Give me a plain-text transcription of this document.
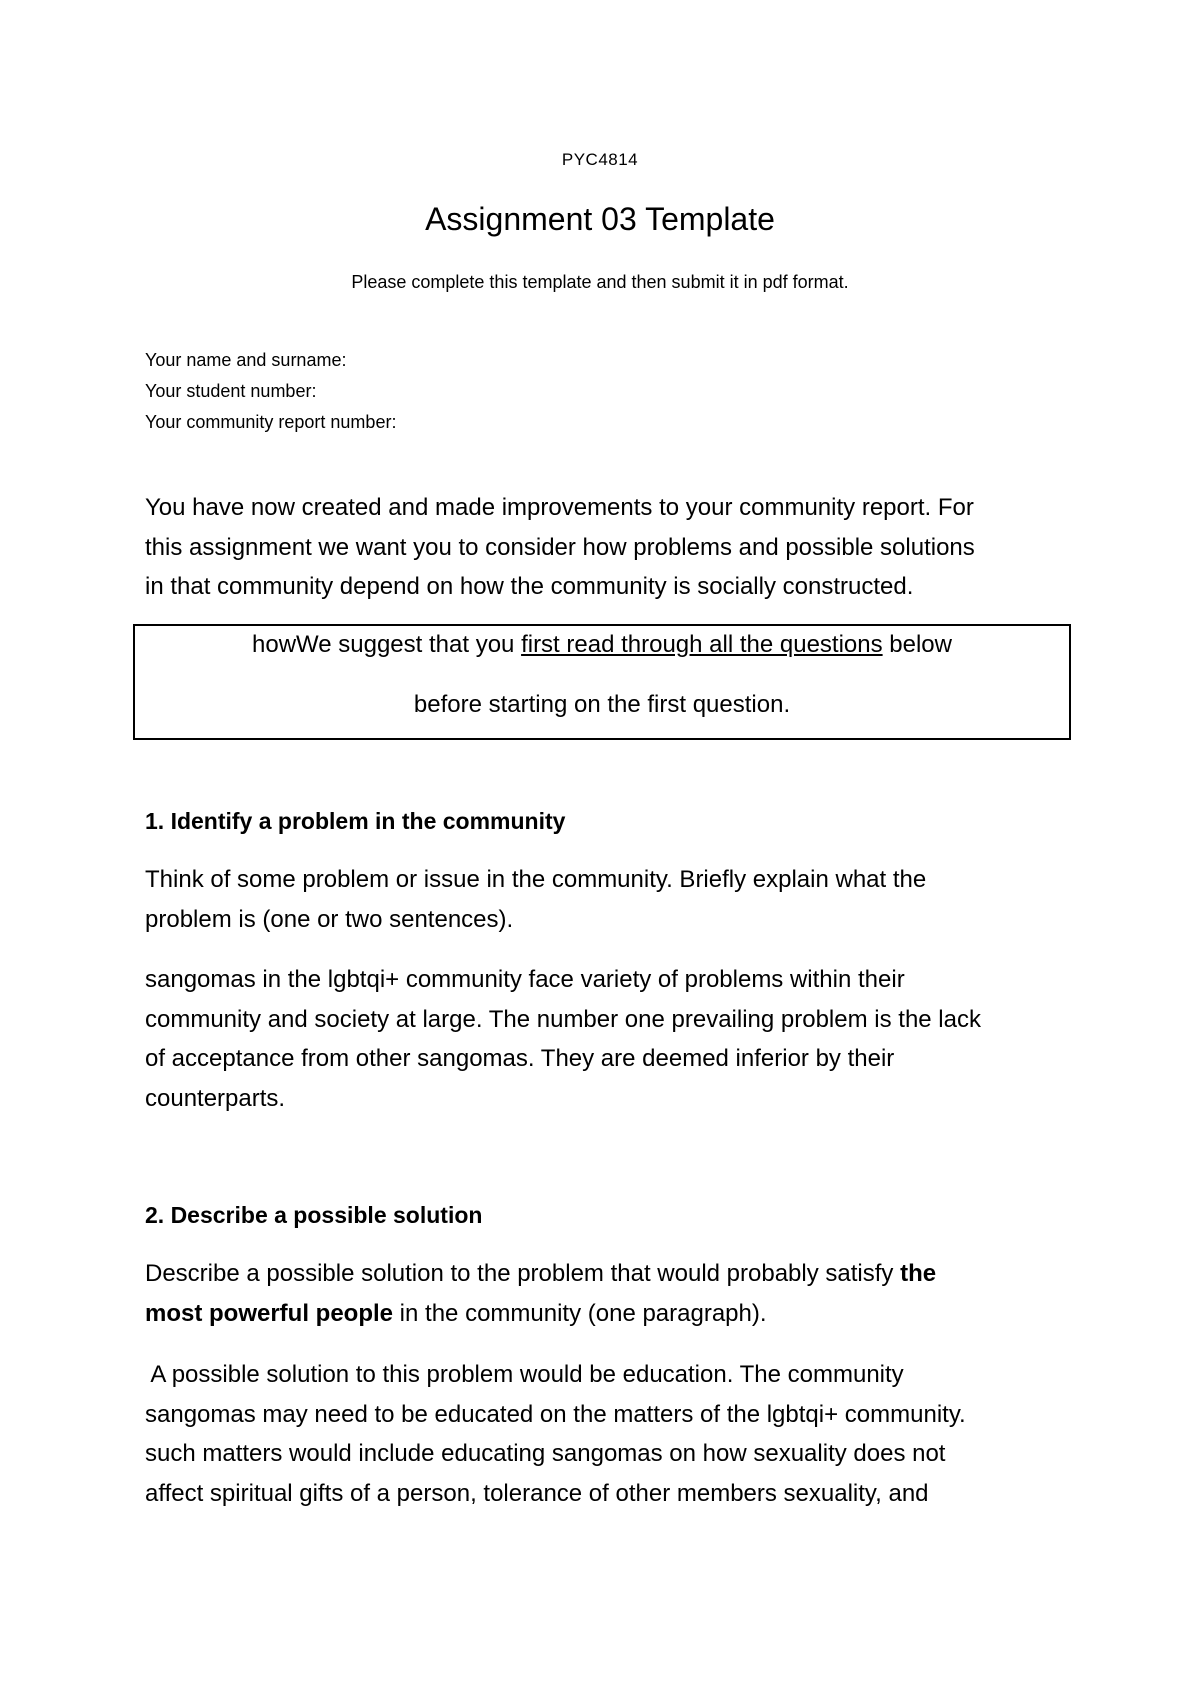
PYC4814
Assignment 03 Template
Please complete this template and then submit it in pdf format.
Your name and surname:
Your student number:
Your community report number:
You have now created and made improvements to your community report. For
this assignment we want you to consider how problems and possible solutions
in that community depend on how the community is socially constructed.
howWe suggest that you first read through all the questions below
before starting on the first question.
1. Identify a problem in the community
Think of some problem or issue in the community. Briefly explain what the
problem is (one or two sentences).
sangomas in the lgbtqi+ community face variety of problems within their
community and society at large. The number one prevailing problem is the lack
of acceptance from other sangomas. They are deemed inferior by their
counterparts.
2. Describe a possible solution
Describe a possible solution to the problem that would probably satisfy the
most powerful people in the community (one paragraph).
A possible solution to this problem would be education. The community
sangomas may need to be educated on the matters of the lgbtqi+ community.
such matters would include educating sangomas on how sexuality does not
affect spiritual gifts of a person, tolerance of other members sexuality, and
